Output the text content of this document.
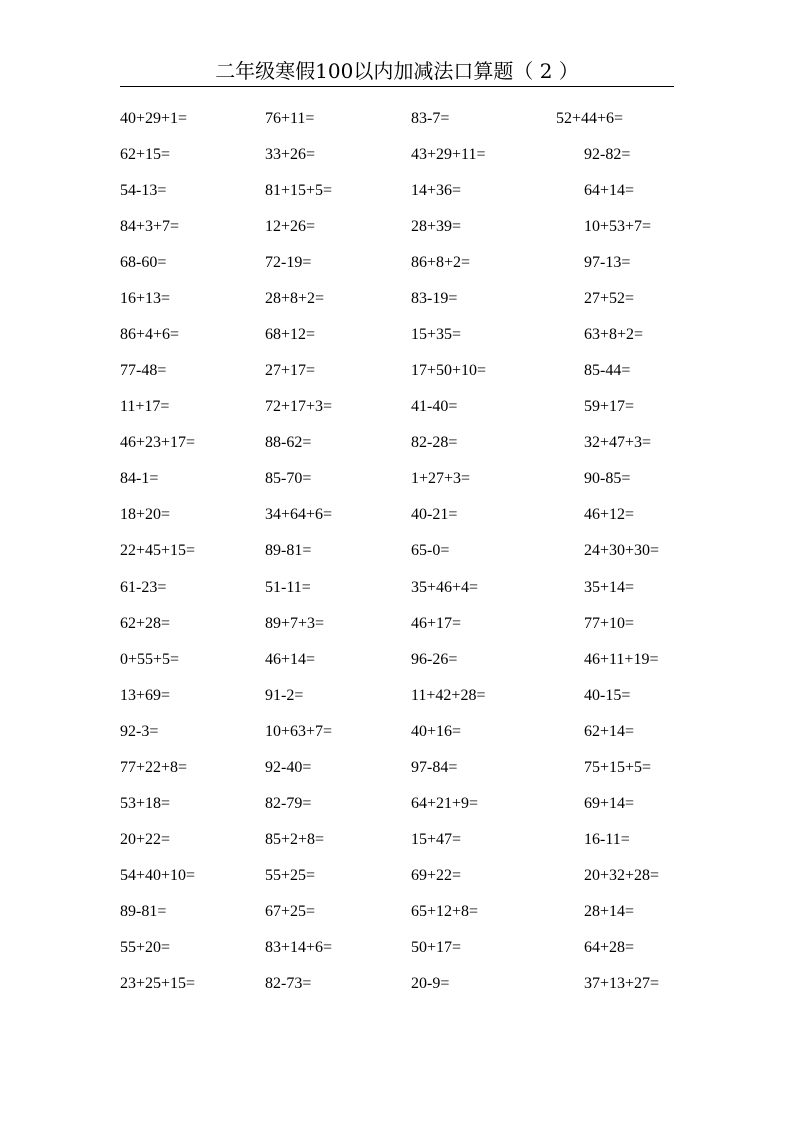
二年级寒假100以内加减法口算题（ 2 ）
40+29+1=
62+15=
54-13=
84+3+7=
68-60=
16+13=
86+4+6=
77-48=
11+17=
46+23+17=
84-1=
18+20=
22+45+15=
61-23=
62+28=
0+55+5=
13+69=
92-3=
77+22+8=
53+18=
20+22=
54+40+10=
89-81=
55+20=
23+25+15=
76+11=
33+26=
81+15+5=
12+26=
72-19=
28+8+2=
68+12=
27+17=
72+17+3=
88-62=
85-70=
34+64+6=
89-81=
51-11=
89+7+3=
46+14=
91-2=
10+63+7=
92-40=
82-79=
85+2+8=
55+25=
67+25=
83+14+6=
82-73=
83-7=
43+29+11=
14+36=
28+39=
86+8+2=
83-19=
15+35=
17+50+10=
41-40=
82-28=
1+27+3=
40-21=
65-0=
35+46+4=
46+17=
96-26=
11+42+28=
40+16=
97-84=
64+21+9=
15+47=
69+22=
65+12+8=
50+17=
20-9=
52+44+6=
92-82=
64+14=
10+53+7=
97-13=
27+52=
63+8+2=
85-44=
59+17=
32+47+3=
90-85=
46+12=
24+30+30=
35+14=
77+10=
46+11+19=
40-15=
62+14=
75+15+5=
69+14=
16-11=
20+32+28=
28+14=
64+28=
37+13+27=
